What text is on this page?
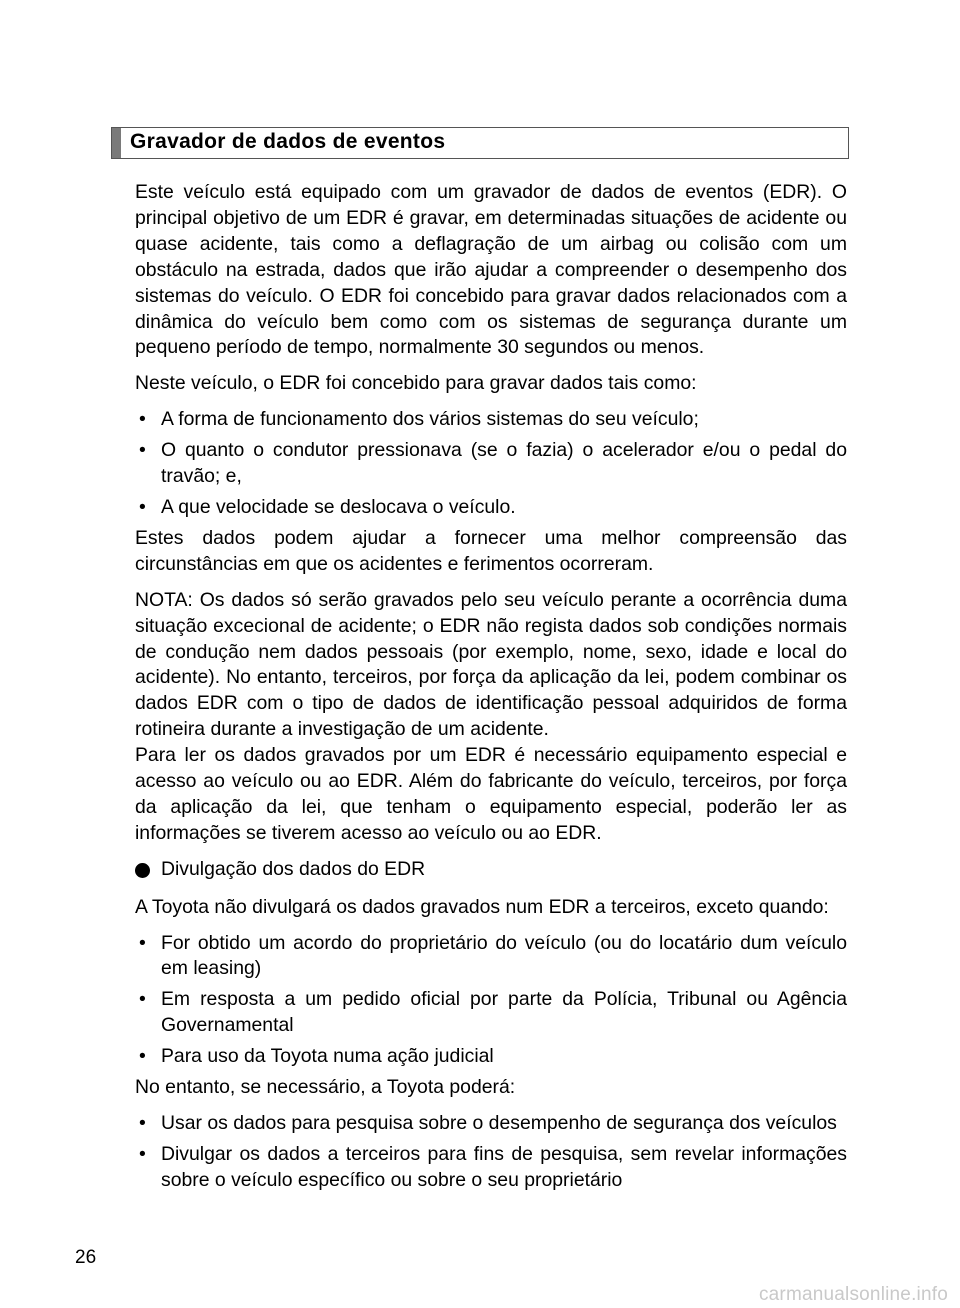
Gravador de dados de eventos

Este veículo está equipado com um gravador de dados de eventos (EDR). O principal objetivo de um EDR é gravar, em determinadas situações de acidente ou quase acidente, tais como a deflagração de um airbag ou colisão com um obstáculo na estrada, dados que irão ajudar a compreender o desempenho dos sistemas do veículo. O EDR foi concebido para gravar dados relacionados com a dinâmica do veículo bem como com os sistemas de segurança durante um pequeno período de tempo, normalmente 30 segundos ou menos.

Neste veículo, o EDR foi concebido para gravar dados tais como:

• A forma de funcionamento dos vários sistemas do seu veículo;
• O quanto o condutor pressionava (se o fazia) o acelerador e/ou o pedal do travão; e,
• A que velocidade se deslocava o veículo.

Estes dados podem ajudar a fornecer uma melhor compreensão das circunstâncias em que os acidentes e ferimentos ocorreram.

NOTA: Os dados só serão gravados pelo seu veículo perante a ocorrência duma situação excecional de acidente; o EDR não regista dados sob condições normais de condução nem dados pessoais (por exemplo, nome, sexo, idade e local do acidente). No entanto, terceiros, por força da aplicação da lei, podem combinar os dados EDR com o tipo de dados de identificação pessoal adquiridos de forma rotineira durante a investigação de um acidente.

Para ler os dados gravados por um EDR é necessário equipamento especial e acesso ao veículo ou ao EDR. Além do fabricante do veículo, terceiros, por força da aplicação da lei, que tenham o equipamento especial, poderão ler as informações se tiverem acesso ao veículo ou ao EDR.

Divulgação dos dados do EDR

A Toyota não divulgará os dados gravados num EDR a terceiros, exceto quando:

• For obtido um acordo do proprietário do veículo (ou do locatário dum veículo em leasing)
• Em resposta a um pedido oficial por parte da Polícia, Tribunal ou Agência Governamental
• Para uso da Toyota numa ação judicial

No entanto, se necessário, a Toyota poderá:

• Usar os dados para pesquisa sobre o desempenho de segurança dos veículos
• Divulgar os dados a terceiros para fins de pesquisa, sem revelar informações sobre o veículo específico ou sobre o seu proprietário
26
carmanualsonline.info
